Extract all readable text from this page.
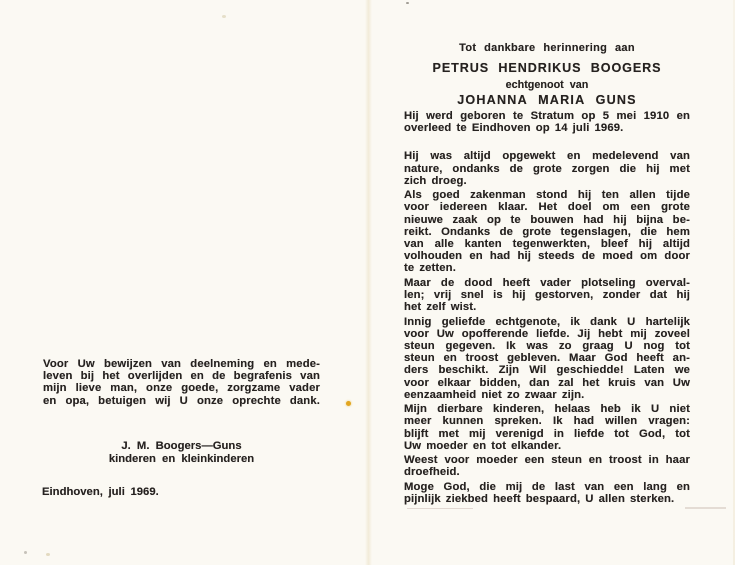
Voor Uw bewijzen van deelneming en mede-
leven bij het overlijden en de begrafenis van
mijn lieve man, onze goede, zorgzame vader
en opa, betuigen wij U onze oprechte dank.
J. M. Boogers—Guns
kinderen en kleinkinderen
Eindhoven, juli 1969.
Tot dankbare herinnering aan
PETRUS HENDRIKUS BOOGERS
echtgenoot van
JOHANNA MARIA GUNS
Hij werd geboren te Stratum op 5 mei 1910 en
overleed te Eindhoven op 14 juli 1969.
Hij was altijd opgewekt en medelevend van
nature, ondanks de grote zorgen die hij met
zich droeg.
Als goed zakenman stond hij ten allen tijde
voor iedereen klaar. Het doel om een grote
nieuwe zaak op te bouwen had hij bijna be-
reikt. Ondanks de grote tegenslagen, die hem
van alle kanten tegenwerkten, bleef hij altijd
volhouden en had hij steeds de moed om door
te zetten.
Maar de dood heeft vader plotseling overval-
len; vrij snel is hij gestorven, zonder dat hij
het zelf wist.
Innig geliefde echtgenote, ik dank U hartelijk
voor Uw opofferende liefde. Jij hebt mij zoveel
steun gegeven. Ik was zo graag U nog tot
steun en troost gebleven. Maar God heeft an-
ders beschikt. Zijn Wil geschiedde! Laten we
voor elkaar bidden, dan zal het kruis van Uw
eenzaamheid niet zo zwaar zijn.
Mijn dierbare kinderen, helaas heb ik U niet
meer kunnen spreken. Ik had willen vragen:
blijft met mij verenigd in liefde tot God, tot
Uw moeder en tot elkander.
Weest voor moeder een steun en troost in haar
droefheid.
Moge God, die mij de last van een lang en
pijnlijk ziekbed heeft bespaard, U allen sterken.
